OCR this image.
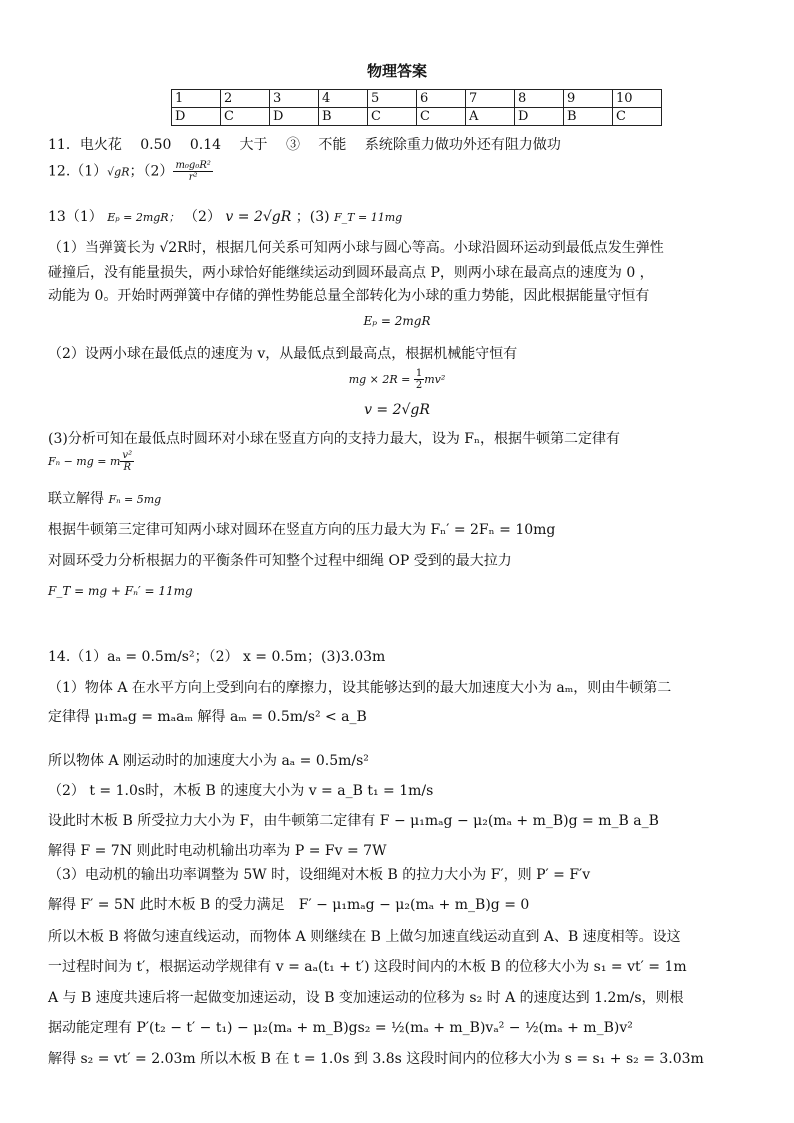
物理答案
1	2	3	4	5	6	7	8	9	10
D	C	D	B	C	C	A	D	B	C
11．电火花　 0.50　 0.14　 大于　 ③　 不能　 系统除重力做功外还有阻力做功
12.（1）√gR；$(2) \frac{\text{m₀g₀R²}}{\text{r²}}$
13（1） Eₚ = 2mgR； （2） v = 2√gR ；(3) F_T = 11mg
（1）当弹簧长为 √2R时，根据几何关系可知两小球与圆心等高。小球沿圆环运动到最低点发生弹性
碰撞后，没有能量损失，两小球恰好能继续运动到圆环最高点 P，则两小球在最高点的速度为 0 ，
动能为 0。开始时两弹簧中存储的弹性势能总量全部转化为小球的重力势能，因此根据能量守恒有
Eₚ = 2mgR
（2）设两小球在最低点的速度为 v，从最低点到最高点，根据机械能守恒有
mg × $2R = \frac{1}{2} mv^2$
v = 2√gR
(3)分析可知在最低点时圆环对小球在竖直方向的支持力最大，设为 Fₙ，根据牛顿第二定律有
Fₙ − mg = m $\frac{\text{v²}}{R}$
联立解得 Fₙ = 5mg
根据牛顿第三定律可知两小球对圆环在竖直方向的压力最大为 Fₙ′ = 2Fₙ = 10mg
对圆环受力分析根据力的平衡条件可知整个过程中细绳 OP 受到的最大拉力
F_T = mg + Fₙ′ = 11mg
14.（1）aₐ = 0.5m/s²；（2） x = 0.5m；(3)3.03m
（1）物体 A 在水平方向上受到向右的摩擦力，设其能够达到的最大加速度大小为 aₘ，则由牛顿第二
定律得 μ₁mₐg = mₐaₘ 解得 aₘ = 0.5m/s² < a_B
所以物体 A 刚运动时的加速度大小为 aₐ = 0.5m/s²
（2） t = 1.0s时，木板 B 的速度大小为 v = a_B t₁ = 1m/s
设此时木板 B 所受拉力大小为 F，由牛顿第二定律有 F − μ₁mₐg − μ₂(mₐ + m_B)g = m_B a_B
解得 F = 7N 则此时电动机输出功率为 P = Fv = 7W
（3）电动机的输出功率调整为 5W 时，设细绳对木板 B 的拉力大小为 F′，则 P′ = F′v
解得 F′ = 5N 此时木板 B 的受力满足　F′ − μ₁mₐg − μ₂(mₐ + m_B)g = 0
所以木板 B 将做匀速直线运动，而物体 A 则继续在 B 上做匀加速直线运动直到 A、B 速度相等。设这
一过程时间为 t′，根据运动学规律有 v = aₐ(t₁ + t′) 这段时间内的木板 B 的位移大小为 s₁ = vt′ = 1m
A 与 B 速度共速后将一起做变加速运动，设 B 变加速运动的位移为 s₂ 时 A 的速度达到 1.2m/s，则根
据动能定理有 P′(t₂ − t′ − t₁) − μ₂(mₐ + m_B)gs₂ = ½(mₐ + m_B)vₐ² − ½(mₐ + m_B)v²
解得 s₂ = vt′ = 2.03m 所以木板 B 在 t = 1.0s 到 3.8s 这段时间内的位移大小为 s = s₁ + s₂ = 3.03m
